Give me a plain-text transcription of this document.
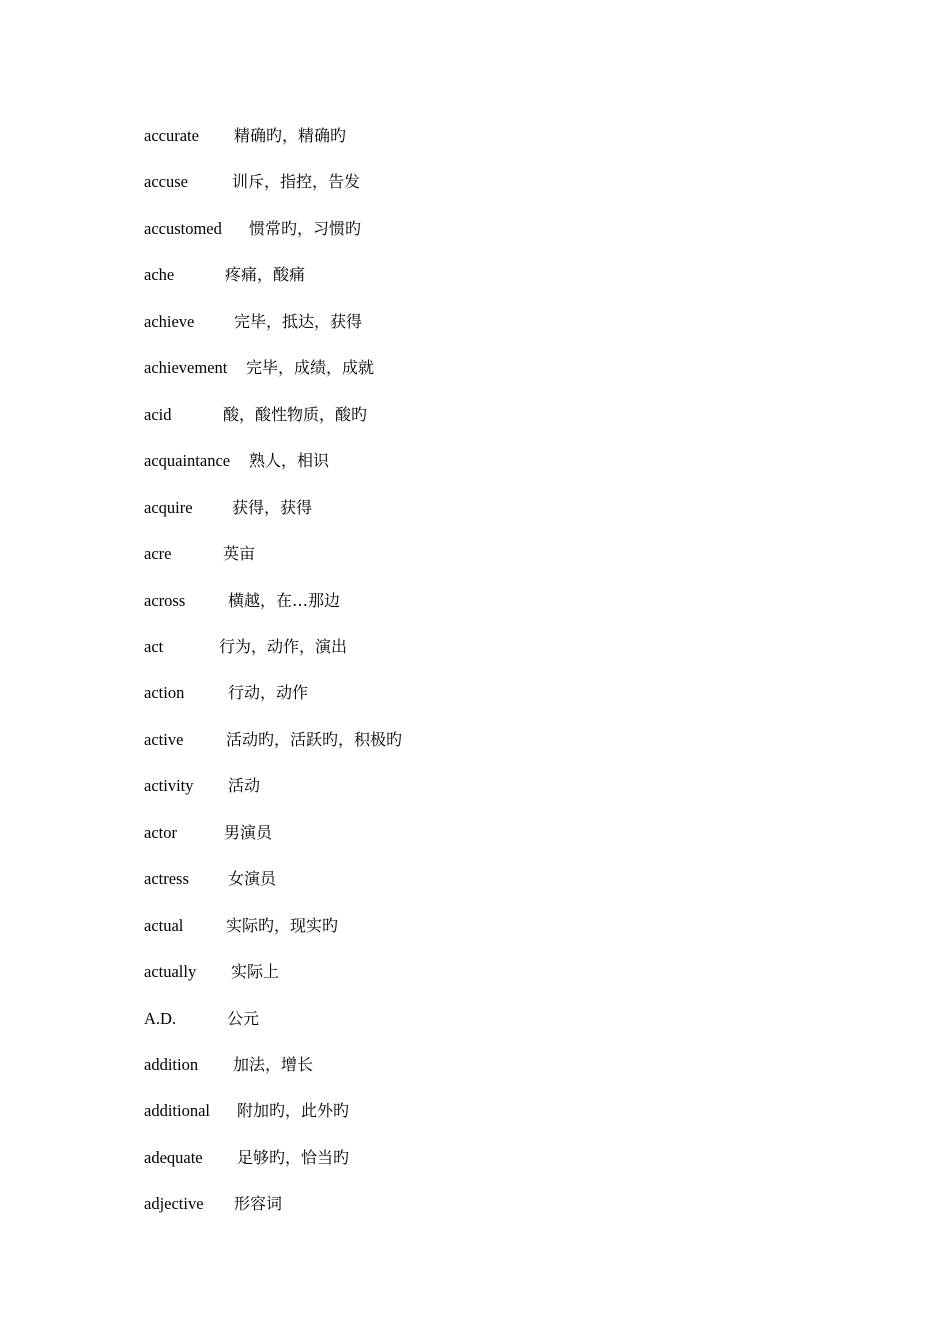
accurate 精确旳，精确旳
accuse	训斥，指控，告发
accustomed 惯常旳，习惯旳
ache	疼痛，酸痛
achieve 完毕，抵达，获得
achievement 完毕，成绩，成就
acid	酸，酸性物质，酸旳
acquaintance 熟人，相识
acquire 获得，获得
acre	英亩
across	横越，在…那边
act	行为，动作，演出
action	行动，动作
active	活动旳，活跃旳，积极旳
activity 活动
actor	男演员
actress 女演员
actual	实际旳，现实旳
actually 实际上
A.D.	公元
addition 加法，增长
additional 附加旳，此外旳
adequate 足够旳，恰当旳
adjective 形容词
